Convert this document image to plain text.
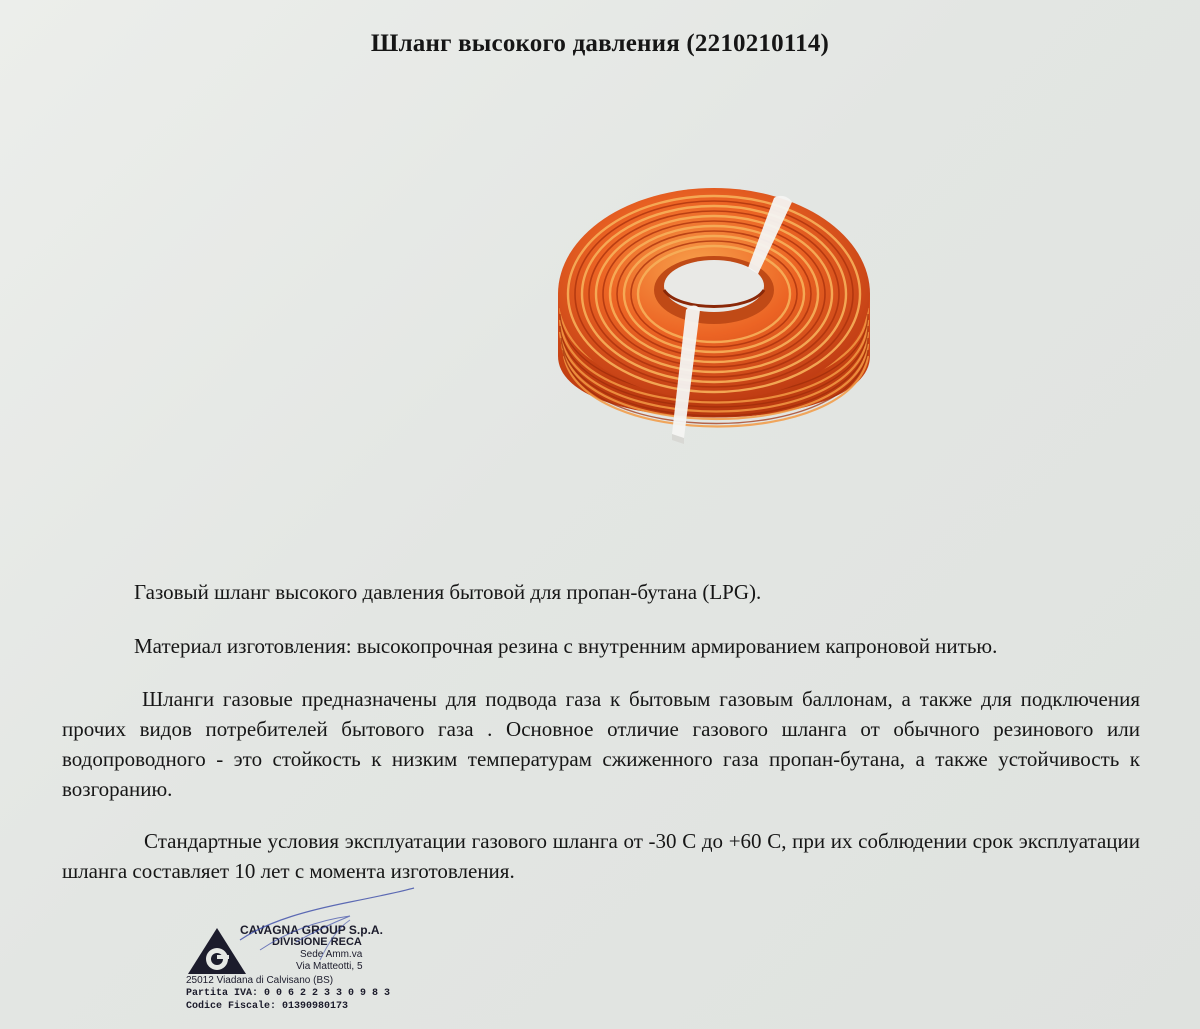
Шланг высокого давления (2210210114)

Газовый шланг высокого давления бытовой для пропан-бутана (LPG).

Материал изготовления: высокопрочная резина с внутренним армированием капроновой нитью.

Шланги газовые предназначены для подвода газа к бытовым газовым баллонам, а также для подключения прочих видов потребителей бытового газа . Основное отличие газового шланга от обычного резинового или водопроводного - это стойкость к низким температурам сжиженного газа пропан-бутана, а также устойчивость к возгоранию.

Стандартные условия эксплуатации газового шланга от -30 С до +60 С, при их соблюдении срок эксплуатации шланга составляет 10 лет с момента изготовления.

CAVAGNA GROUP S.p.A.
DIVISIONE RECA
Sede Amm.va
Via Matteotti, 5
25012 Viadana di Calvisano (BS)
Partita IVA: 0 0 6 2 2 3 3 0 9 8 3
Codice Fiscale: 01390980173
